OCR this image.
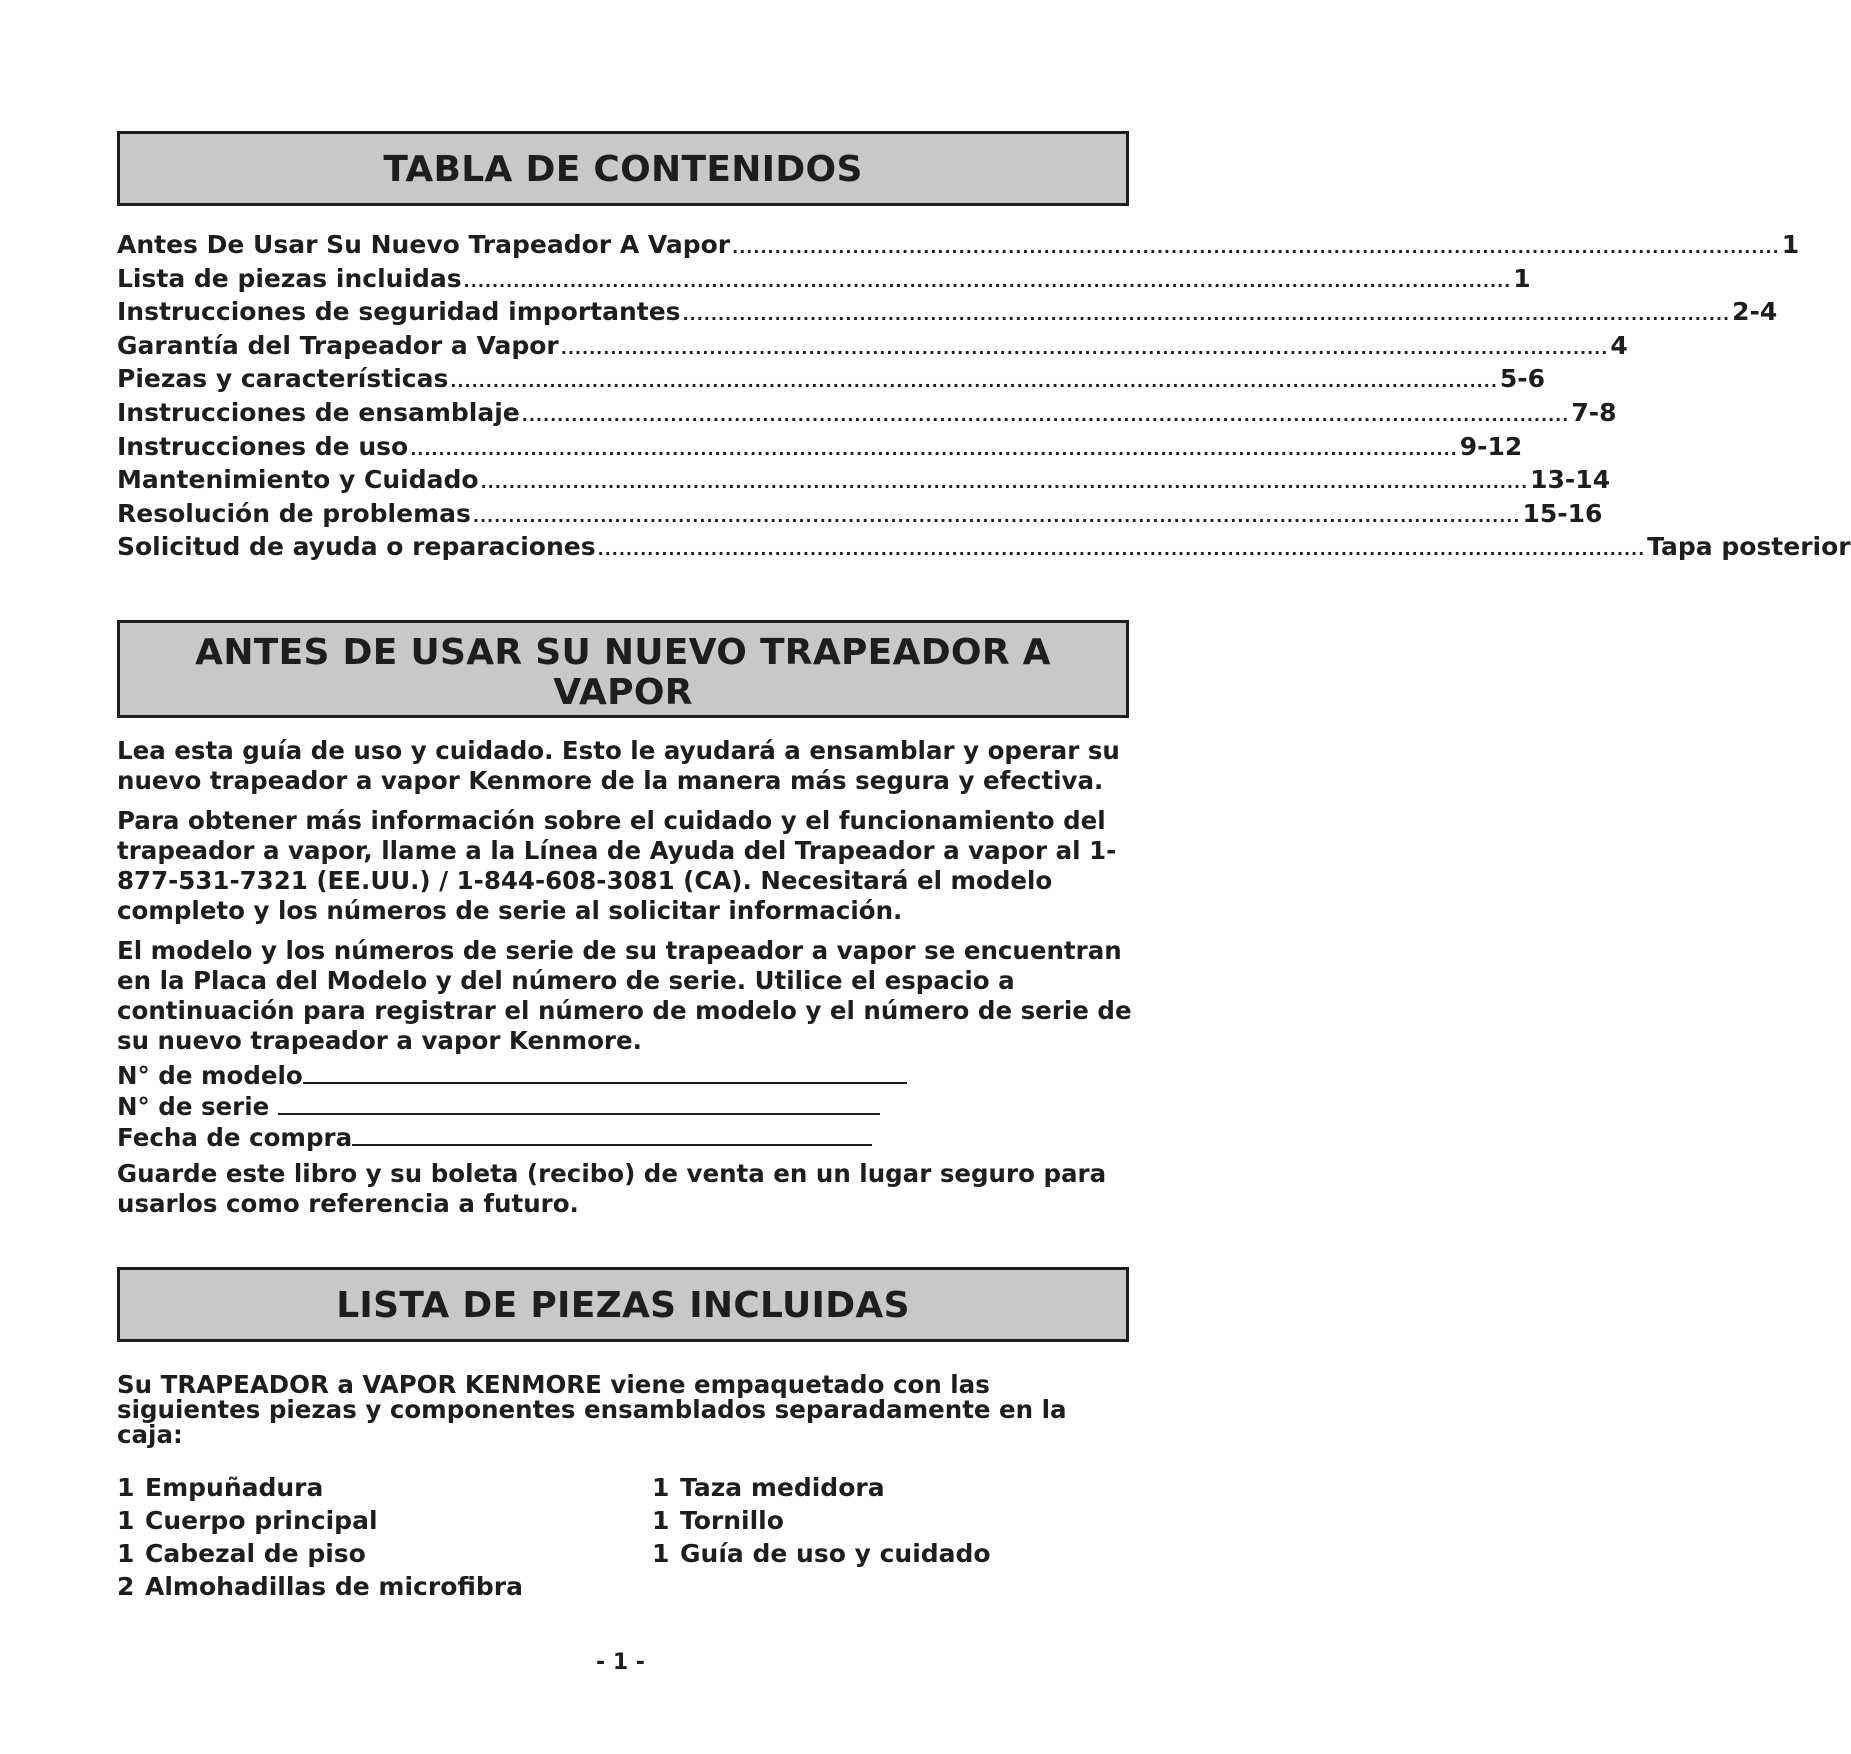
TABLA DE CONTENIDOS
Antes De Usar Su Nuevo Trapeador A Vapor .................................................................................................................................................... 1
Lista de piezas incluidas .................................................................................................................................................... 1
Instrucciones de seguridad importantes .................................................................................................................................................... 2-4
Garantía del Trapeador a Vapor .................................................................................................................................................... 4
Piezas y características .................................................................................................................................................... 5-6
Instrucciones de ensamblaje .................................................................................................................................................... 7-8
Instrucciones de uso .................................................................................................................................................... 9-12
Mantenimiento y Cuidado .................................................................................................................................................... 13-14
Resolución de problemas .................................................................................................................................................... 15-16
Solicitud de ayuda o reparaciones .................................................................................................................................................... Tapa posterior
ANTES DE USAR SU NUEVO TRAPEADOR A VAPOR

Lea esta guía de uso y cuidado. Esto le ayudará a ensamblar y operar su nuevo trapeador a vapor Kenmore de la manera más segura y efectiva.

Para obtener más información sobre el cuidado y el funcionamiento del trapeador a vapor, llame a la Línea de Ayuda del Trapeador a vapor al 1-877-531-7321 (EE.UU.) / 1-844-608-3081 (CA). Necesitará el modelo completo y los números de serie al solicitar información.

El modelo y los números de serie de su trapeador a vapor se encuentran en la Placa del Modelo y del número de serie. Utilice el espacio a continuación para registrar el número de modelo y el número de serie de su nuevo trapeador a vapor Kenmore.

N° de modelo
N° de serie
Fecha de compra

Guarde este libro y su boleta (recibo) de venta en un lugar seguro para usarlos como referencia a futuro.

LISTA DE PIEZAS INCLUIDAS

Su TRAPEADOR a VAPOR KENMORE viene empaquetado con las siguientes piezas y componentes ensamblados separadamente en la caja:

1 Empuñadura	1 Taza medidora
1 Cuerpo principal	1 Tornillo
1 Cabezal de piso	1 Guía de uso y cuidado
2 Almohadillas de microfibra
- 1 -
